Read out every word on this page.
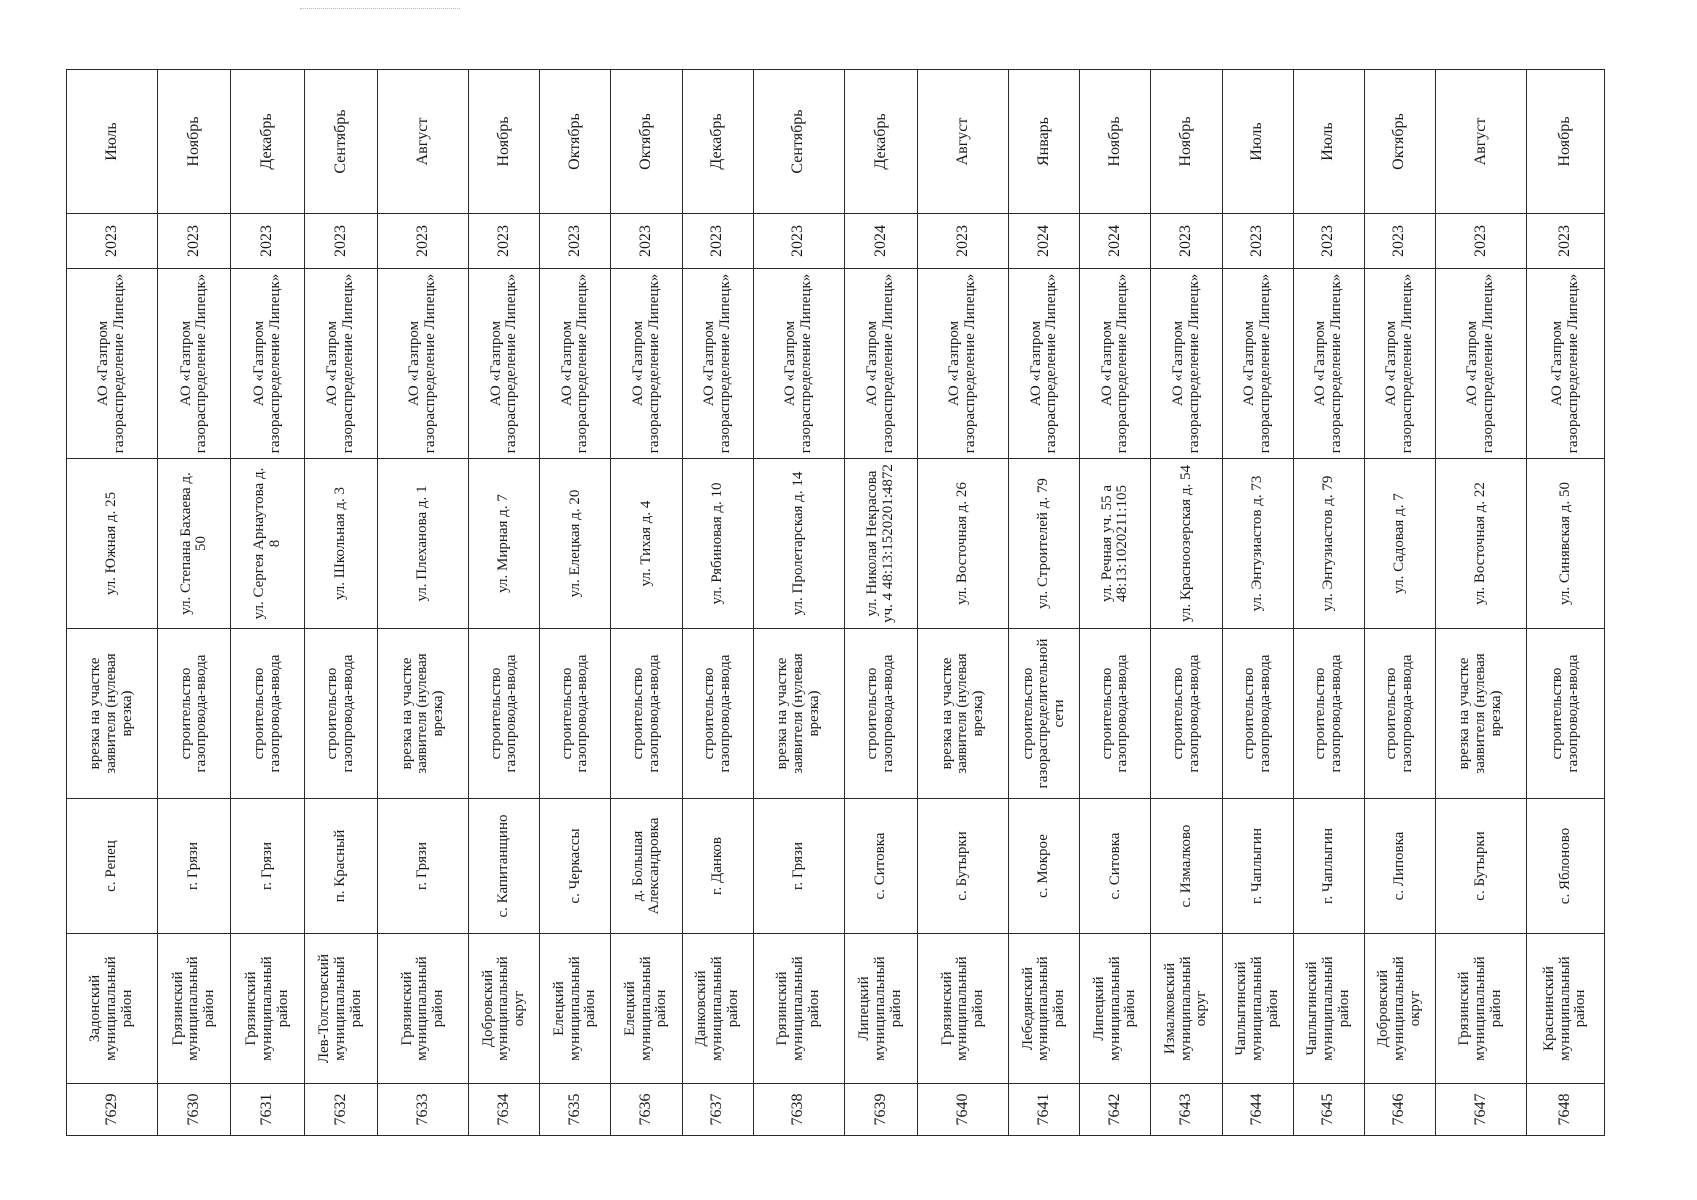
7629	Задонский муниципальный район	с. Репец	врезка на участке заявителя (нулевая врезка)	ул. Южная д. 25	АО «Газпром газораспределение Липецк»	2023	Июль
7630	Грязинский муниципальный район	г. Грязи	строительство газопровода-ввода	ул. Степана Бахаева д. 50	АО «Газпром газораспределение Липецк»	2023	Ноябрь
7631	Грязинский муниципальный район	г. Грязи	строительство газопровода-ввода	ул. Сергея Арнаутова д. 8	АО «Газпром газораспределение Липецк»	2023	Декабрь
7632	Лев-Толстовский муниципальный район	п. Красный	строительство газопровода-ввода	ул. Школьная д. 3	АО «Газпром газораспределение Липецк»	2023	Сентябрь
7633	Грязинский муниципальный район	г. Грязи	врезка на участке заявителя (нулевая врезка)	ул. Плеханова д. 1	АО «Газпром газораспределение Липецк»	2023	Август
7634	Добровский муниципальный округ	с. Капитанщино	строительство газопровода-ввода	ул. Мирная д. 7	АО «Газпром газораспределение Липецк»	2023	Ноябрь
7635	Елецкий муниципальный район	с. Черкассы	строительство газопровода-ввода	ул. Елецкая д. 20	АО «Газпром газораспределение Липецк»	2023	Октябрь
7636	Елецкий муниципальный район	д. Большая Александровка	строительство газопровода-ввода	ул. Тихая д. 4	АО «Газпром газораспределение Липецк»	2023	Октябрь
7637	Данковский муниципальный район	г. Данков	строительство газопровода-ввода	ул. Рябиновая д. 10	АО «Газпром газораспределение Липецк»	2023	Декабрь
7638	Грязинский муниципальный район	г. Грязи	врезка на участке заявителя (нулевая врезка)	ул. Пролетарская д. 14	АО «Газпром газораспределение Липецк»	2023	Сентябрь
7639	Липецкий муниципальный район	с. Ситовка	строительство газопровода-ввода	ул. Николая Некрасова уч. 4 48:13:1520201:4872	АО «Газпром газораспределение Липецк»	2024	Декабрь
7640	Грязинский муниципальный район	с. Бутырки	врезка на участке заявителя (нулевая врезка)	ул. Восточная д. 26	АО «Газпром газораспределение Липецк»	2023	Август
7641	Лебедянский муниципальный район	с. Мокрое	строительство газораспределительной сети	ул. Строителей д. 79	АО «Газпром газораспределение Липецк»	2024	Январь
7642	Липецкий муниципальный район	с. Ситовка	строительство газопровода-ввода	ул. Речная уч. 55 а 48:13:1020211:105	АО «Газпром газораспределение Липецк»	2024	Ноябрь
7643	Измалковский муниципальный округ	с. Измалково	строительство газопровода-ввода	ул. Красноозерская д. 54	АО «Газпром газораспределение Липецк»	2023	Ноябрь
7644	Чаплыгинский муниципальный район	г. Чаплыгин	строительство газопровода-ввода	ул. Энтузиастов д. 73	АО «Газпром газораспределение Липецк»	2023	Июль
7645	Чаплыгинский муниципальный район	г. Чаплыгин	строительство газопровода-ввода	ул. Энтузиастов д. 79	АО «Газпром газораспределение Липецк»	2023	Июль
7646	Добровский муниципальный округ	с. Липовка	строительство газопровода-ввода	ул. Садовая д. 7	АО «Газпром газораспределение Липецк»	2023	Октябрь
7647	Грязинский муниципальный район	с. Бутырки	врезка на участке заявителя (нулевая врезка)	ул. Восточная д. 22	АО «Газпром газораспределение Липецк»	2023	Август
7648	Краснинский муниципальный район	с. Яблоново	строительство газопровода-ввода	ул. Синявская д. 50	АО «Газпром газораспределение Липецк»	2023	Ноябрь
